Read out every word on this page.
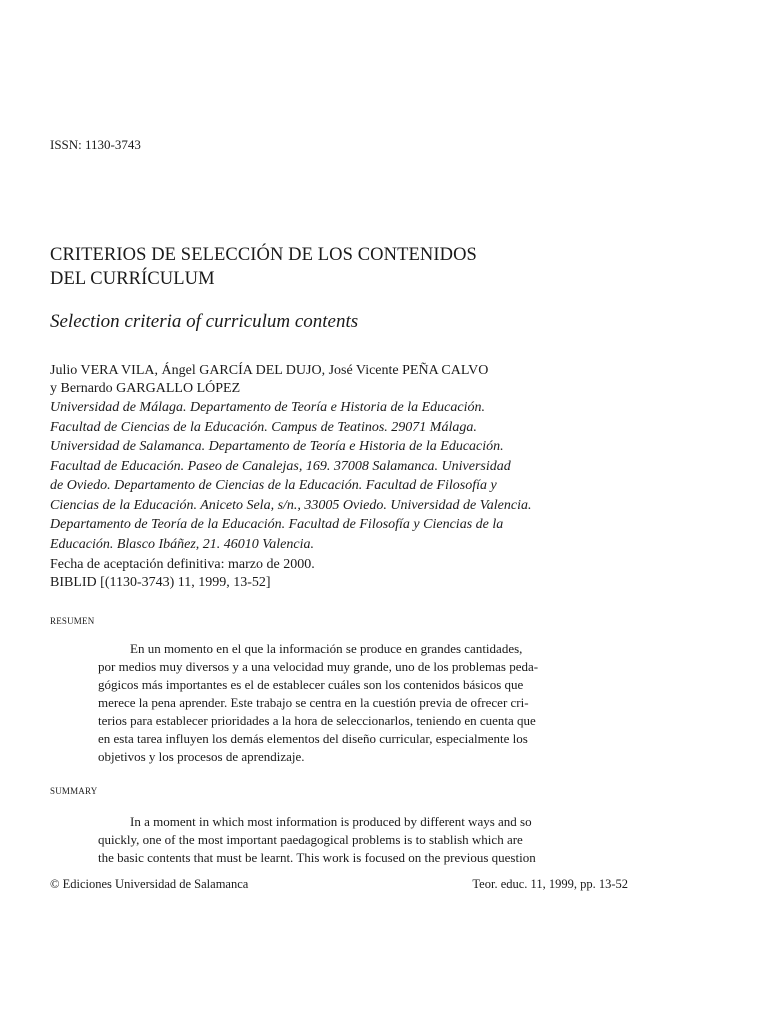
ISSN: 1130-3743
CRITERIOS DE SELECCIÓN DE LOS CONTENIDOS
DEL CURRÍCULUM
Selection criteria of curriculum contents
Julio VERA VILA, Ángel GARCÍA DEL DUJO, José Vicente PEÑA CALVO
y Bernardo GARGALLO LÓPEZ
Universidad de Málaga. Departamento de Teoría e Historia de la Educación.
Facultad de Ciencias de la Educación. Campus de Teatinos. 29071 Málaga.
Universidad de Salamanca. Departamento de Teoría e Historia de la Educación.
Facultad de Educación. Paseo de Canalejas, 169. 37008 Salamanca. Universidad
de Oviedo. Departamento de Ciencias de la Educación. Facultad de Filosofía y
Ciencias de la Educación. Aniceto Sela, s/n., 33005 Oviedo. Universidad de Valencia.
Departamento de Teoría de la Educación. Facultad de Filosofía y Ciencias de la
Educación. Blasco Ibáñez, 21. 46010 Valencia.
Fecha de aceptación definitiva: marzo de 2000.
BIBLID [(1130-3743) 11, 1999, 13-52]
RESUMEN
En un momento en el que la información se produce en grandes cantidades,
por medios muy diversos y a una velocidad muy grande, uno de los problemas peda-
gógicos más importantes es el de establecer cuáles son los contenidos básicos que
merece la pena aprender. Este trabajo se centra en la cuestión previa de ofrecer cri-
terios para establecer prioridades a la hora de seleccionarlos, teniendo en cuenta que
en esta tarea influyen los demás elementos del diseño curricular, especialmente los
objetivos y los procesos de aprendizaje.
SUMMARY
In a moment in which most information is produced by different ways and so
quickly, one of the most important paedagogical problems is to stablish which are
the basic contents that must be learnt. This work is focused on the previous question
© Ediciones Universidad de Salamanca	Teor. educ. 11, 1999, pp. 13-52
